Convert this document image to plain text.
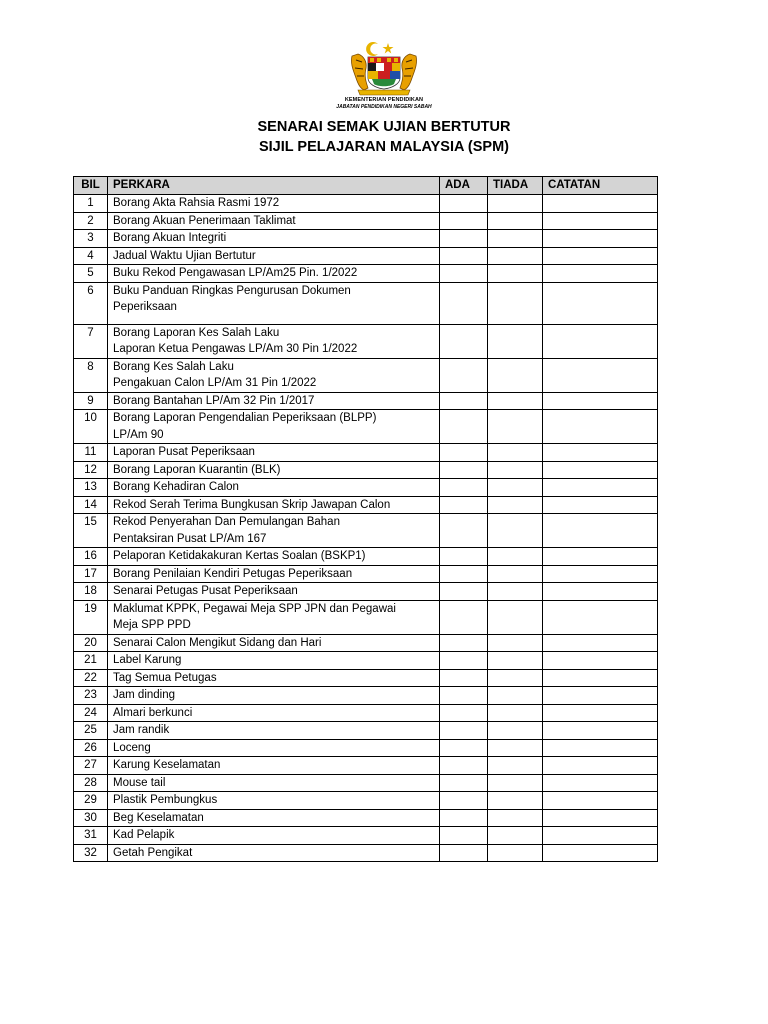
KEMENTERIAN PENDIDIKAN
JABATAN PENDIDIKAN NEGERI SABAH
SENARAI SEMAK UJIAN BERTUTUR
SIJIL PELAJARAN MALAYSIA (SPM)
BIL	PERKARA	ADA	TIADA	CATATAN
1	Borang Akta Rahsia Rasmi 1972			

2	Borang Akuan Penerimaan Taklimat			

3	Borang Akuan Integriti			

4	Jadual Waktu Ujian Bertutur			

5	Buku Rekod Pengawasan LP/Am25 Pin. 1/2022			

6	Buku Panduan Ringkas Pengurusan Dokumen
Peperiksaan			

7	Borang Laporan Kes Salah Laku
Laporan Ketua Pengawas LP/Am 30 Pin 1/2022			

8	Borang Kes Salah Laku
Pengakuan Calon LP/Am 31 Pin 1/2022			

9	Borang Bantahan LP/Am 32 Pin 1/2017			

10	Borang Laporan Pengendalian Peperiksaan (BLPP)
LP/Am 90			

11	Laporan Pusat Peperiksaan			

12	Borang Laporan Kuarantin (BLK)			

13	Borang Kehadiran Calon			

14	Rekod Serah Terima Bungkusan Skrip Jawapan Calon			

15	Rekod Penyerahan Dan Pemulangan Bahan
Pentaksiran Pusat LP/Am 167			

16	Pelaporan Ketidakakuran Kertas Soalan (BSKP1)			

17	Borang Penilaian Kendiri Petugas Peperiksaan			

18	Senarai Petugas Pusat Peperiksaan			

19	Maklumat KPPK, Pegawai Meja SPP JPN dan Pegawai
Meja SPP PPD			

20	Senarai Calon Mengikut Sidang dan Hari			

21	Label Karung			

22	Tag Semua Petugas			

23	Jam dinding			

24	Almari berkunci			

25	Jam randik			

26	Loceng			

27	Karung Keselamatan			

28	Mouse tail			

29	Plastik Pembungkus			

30	Beg Keselamatan			

31	Kad Pelapik			

32	Getah Pengikat			
